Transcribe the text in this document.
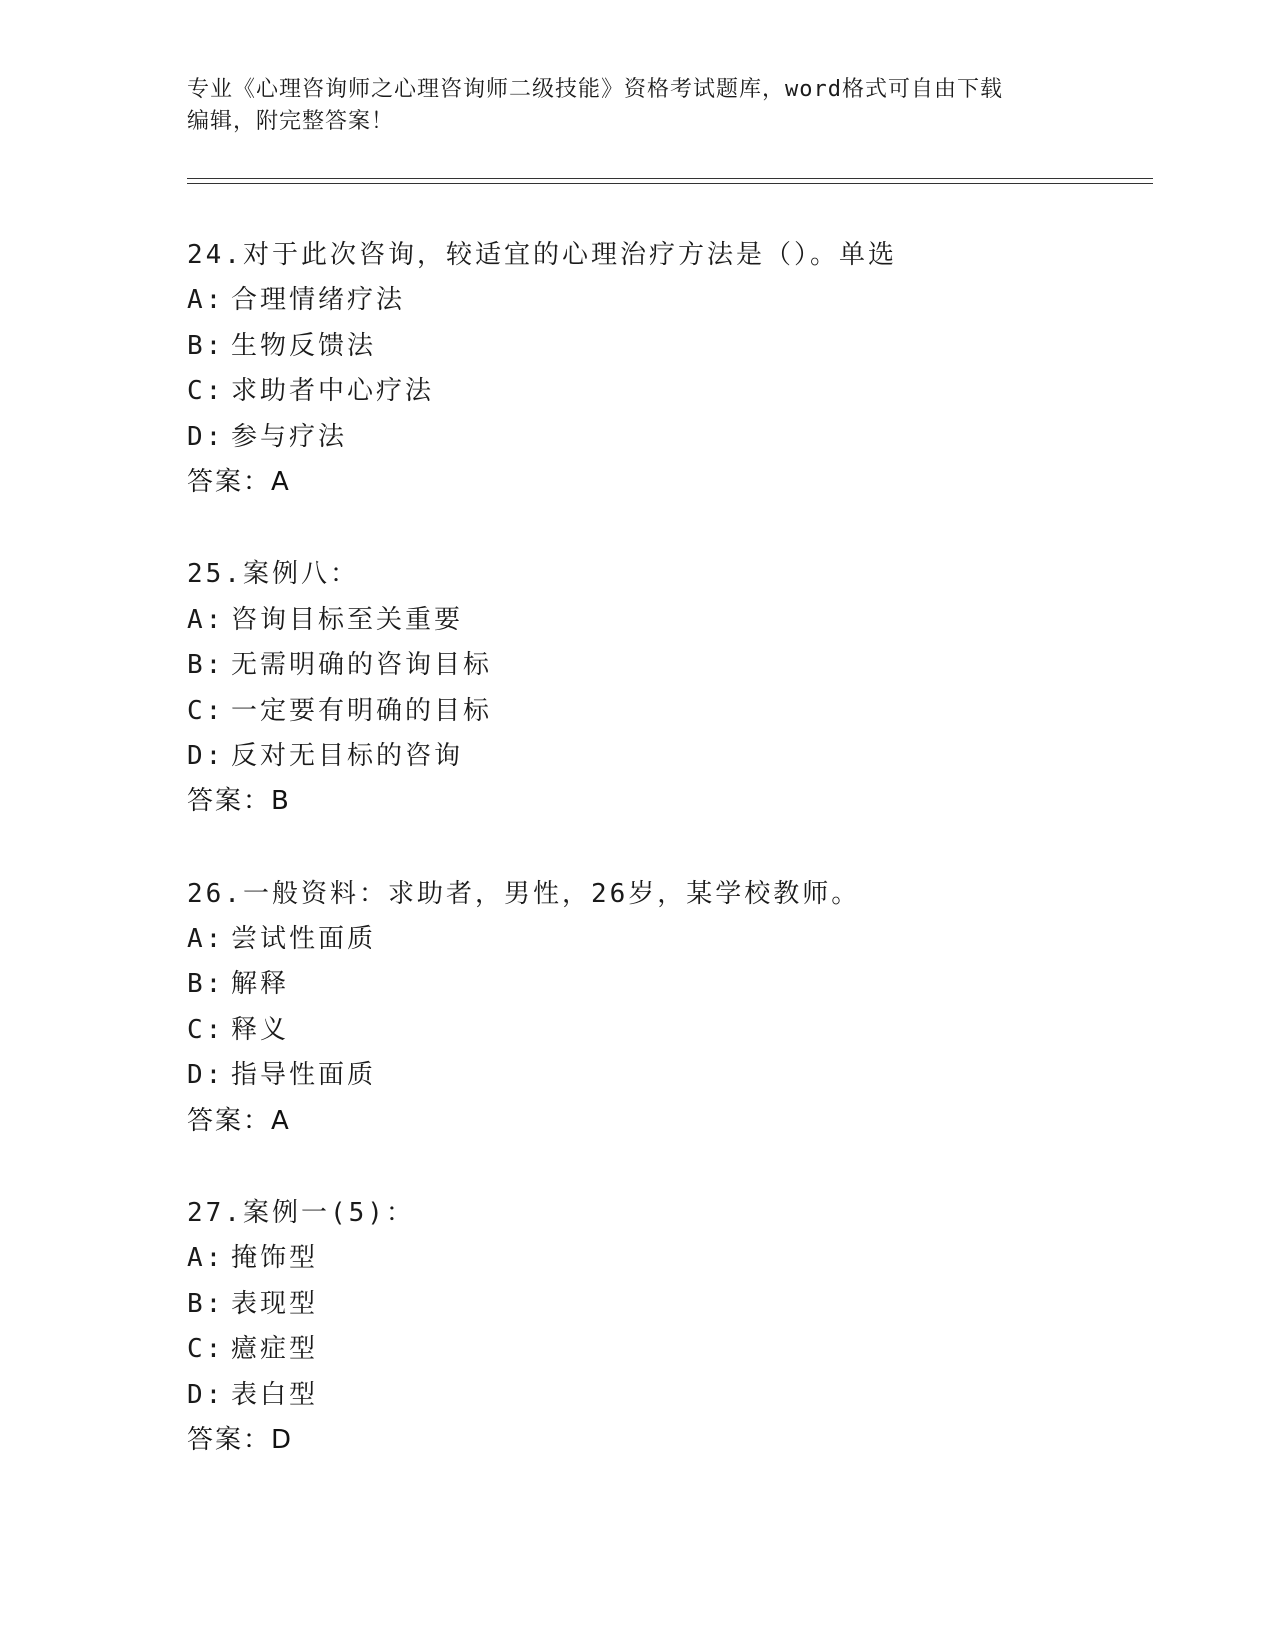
专业《心理咨询师之心理咨询师二级技能》资格考试题库，word格式可自由下载
编辑，附完整答案！
24.对于此次咨询，较适宜的心理治疗方法是（）。单选
A: 合理情绪疗法
B: 生物反馈法
C: 求助者中心疗法
D: 参与疗法
答案：A
25.案例八：
A: 咨询目标至关重要
B: 无需明确的咨询目标
C: 一定要有明确的目标
D: 反对无目标的咨询
答案：B
26.一般资料：求助者，男性，26岁，某学校教师。
A: 尝试性面质
B: 解释
C: 释义
D: 指导性面质
答案：A
27.案例一(5)：
A: 掩饰型
B: 表现型
C: 癔症型
D: 表白型
答案：D
